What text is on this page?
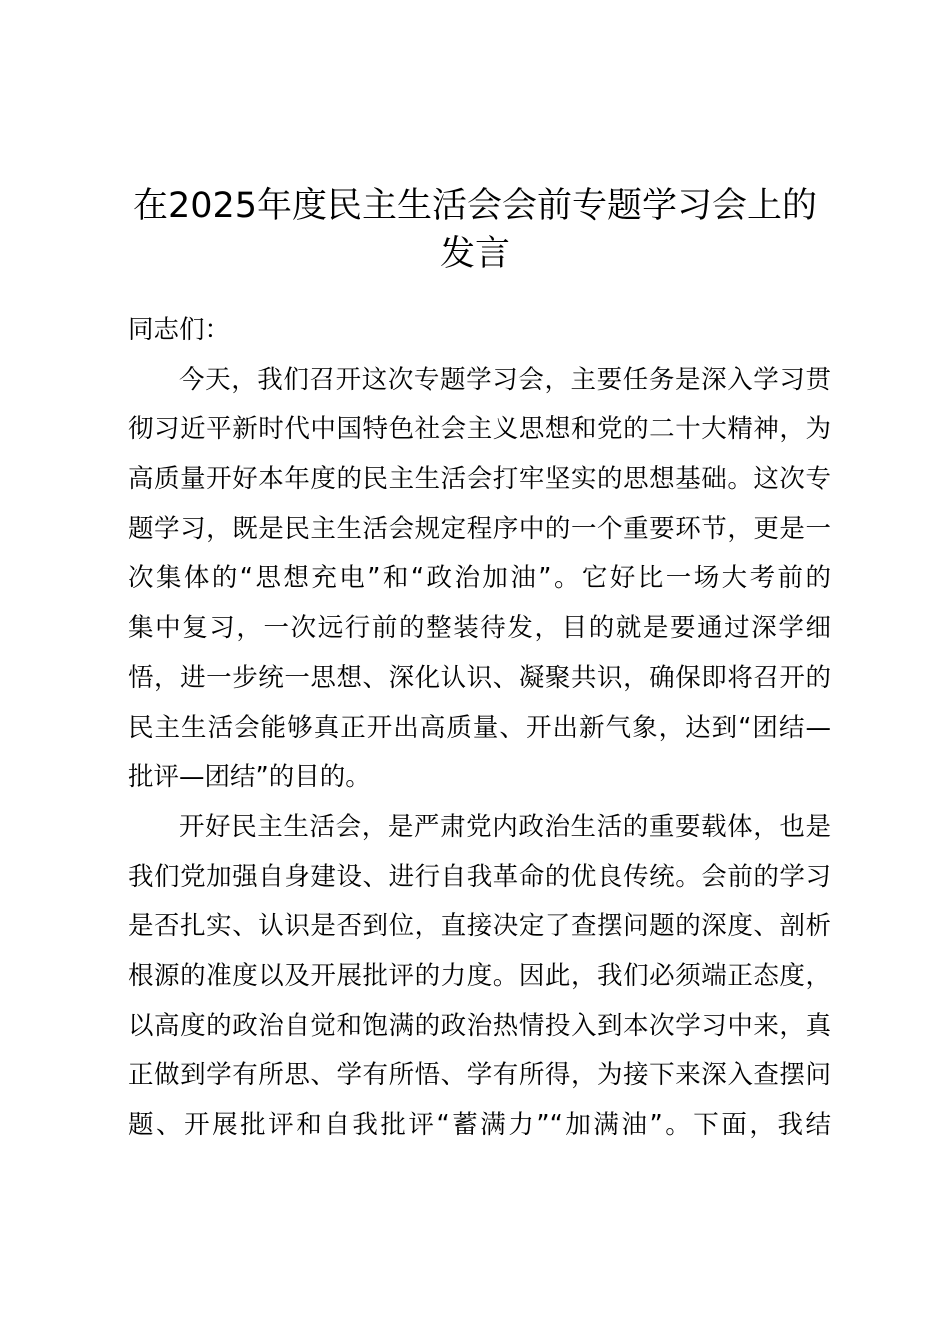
在2025年度民主生活会会前专题学习会上的
发言
同志们：
今天，我们召开这次专题学习会，主要任务是深入学习贯
彻习近平新时代中国特色社会主义思想和党的二十大精神，为
高质量开好本年度的民主生活会打牢坚实的思想基础。这次专
题学习，既是民主生活会规定程序中的一个重要环节，更是一
次集体的“思想充电”和“政治加油”。它好比一场大考前的
集中复习，一次远行前的整装待发，目的就是要通过深学细
悟，进一步统一思想、深化认识、凝聚共识，确保即将召开的
民主生活会能够真正开出高质量、开出新气象，达到“团结—
批评—团结”的目的。
开好民主生活会，是严肃党内政治生活的重要载体，也是
我们党加强自身建设、进行自我革命的优良传统。会前的学习
是否扎实、认识是否到位，直接决定了查摆问题的深度、剖析
根源的准度以及开展批评的力度。因此，我们必须端正态度，
以高度的政治自觉和饱满的政治热情投入到本次学习中来，真
正做到学有所思、学有所悟、学有所得，为接下来深入查摆问
题、开展批评和自我批评“蓄满力”“加满油”。下面，我结
